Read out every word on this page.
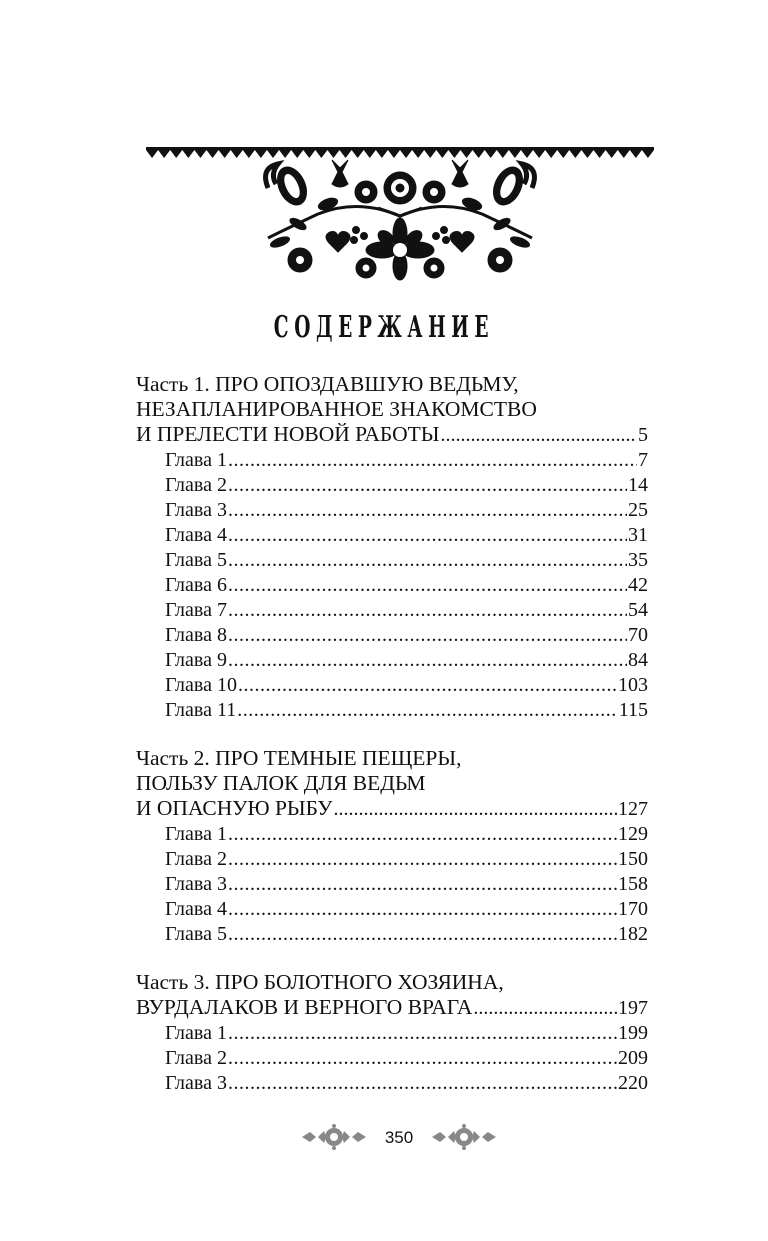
СОДЕРЖАНИЕ
Часть 1. ПРО ОПОЗДАВШУЮ ВЕДЬМУ,
НЕЗАПЛАНИРОВАННОЕ ЗНАКОМСТВО
И ПРЕЛЕСТИ НОВОЙ РАБОТЫ .....	5
Глава 1 .....	7
Глава 2 .....	14
Глава 3 .....	25
Глава 4 .....	31
Глава 5 .....	35
Глава 6 .....	42
Глава 7 .....	54
Глава 8 .....	70
Глава 9 .....	84
Глава 10 .....	103
Глава 11 .....	115
Часть 2. ПРО ТЕМНЫЕ ПЕЩЕРЫ,
ПОЛЬЗУ ПАЛОК ДЛЯ ВЕДЬМ
И ОПАСНУЮ РЫБУ .....	127
Глава 1 .....	129
Глава 2 .....	150
Глава 3 .....	158
Глава 4 .....	170
Глава 5 .....	182
Часть 3. ПРО БОЛОТНОГО ХОЗЯИНА,
ВУРДАЛАКОВ И ВЕРНОГО ВРАГА .....	197
Глава 1 .....	199
Глава 2 .....	209
Глава 3 .....	220
350
